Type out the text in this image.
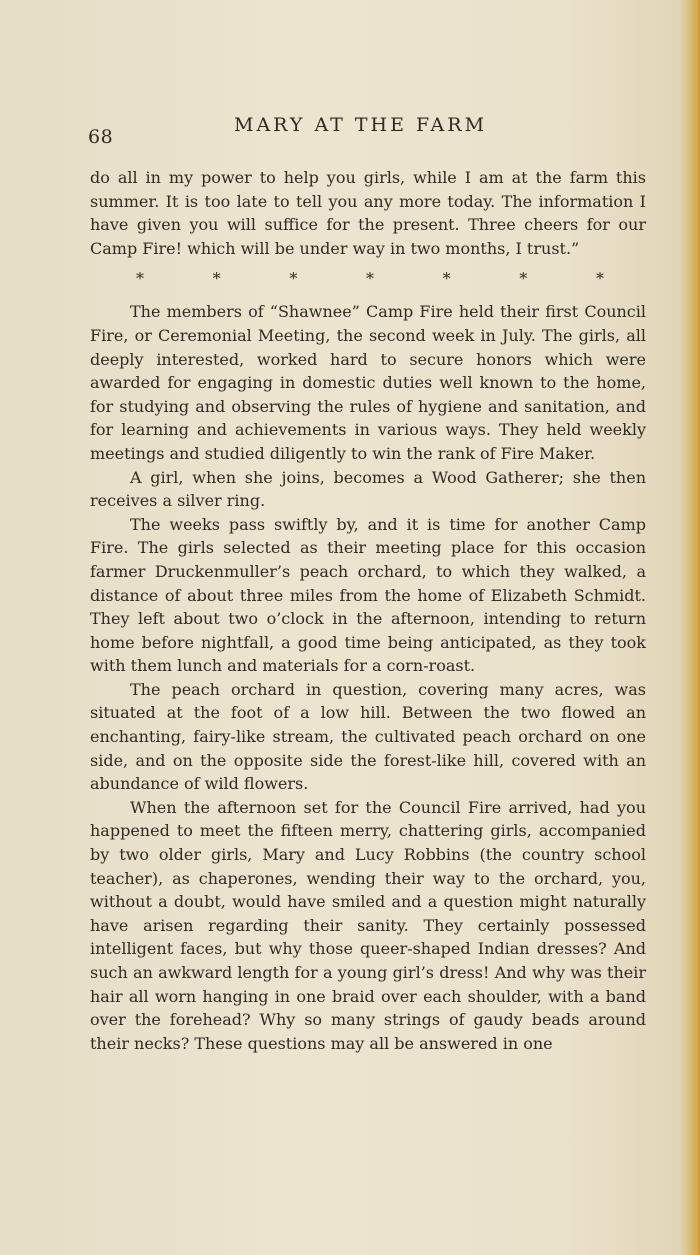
68
MARY AT THE FARM

do all in my power to help you girls, while I am at the farm this summer. It is too late to tell you any more today. The information I have given you will suffice for the present. Three cheers for our Camp Fire! which will be under way in two months, I trust.”

*	*	*	*	*	*	*

The members of “Shawnee” Camp Fire held their first Council Fire, or Ceremonial Meeting, the second week in July. The girls, all deeply interested, worked hard to secure honors which were awarded for engaging in domestic duties well known to the home, for studying and observing the rules of hygiene and sanitation, and for learning and achievements in various ways. They held weekly meetings and studied diligently to win the rank of Fire Maker.

A girl, when she joins, becomes a Wood Gatherer; she then receives a silver ring.

The weeks pass swiftly by, and it is time for another Camp Fire. The girls selected as their meeting place for this occasion farmer Druckenmuller’s peach orchard, to which they walked, a distance of about three miles from the home of Elizabeth Schmidt. They left about two o’clock in the afternoon, intending to return home before nightfall, a good time being anticipated, as they took with them lunch and materials for a corn-roast.

The peach orchard in question, covering many acres, was situated at the foot of a low hill. Between the two flowed an enchanting, fairy-like stream, the cultivated peach orchard on one side, and on the opposite side the forest-like hill, covered with an abundance of wild flowers.

When the afternoon set for the Council Fire arrived, had you happened to meet the fifteen merry, chattering girls, accompanied by two older girls, Mary and Lucy Robbins (the country school teacher), as chaperones, wending their way to the orchard, you, without a doubt, would have smiled and a question might naturally have arisen regarding their sanity. They certainly possessed intelligent faces, but why those queer-shaped Indian dresses? And such an awkward length for a young girl’s dress! And why was their hair all worn hanging in one braid over each shoulder, with a band over the forehead? Why so many strings of gaudy beads around their necks? These questions may all be answered in one
